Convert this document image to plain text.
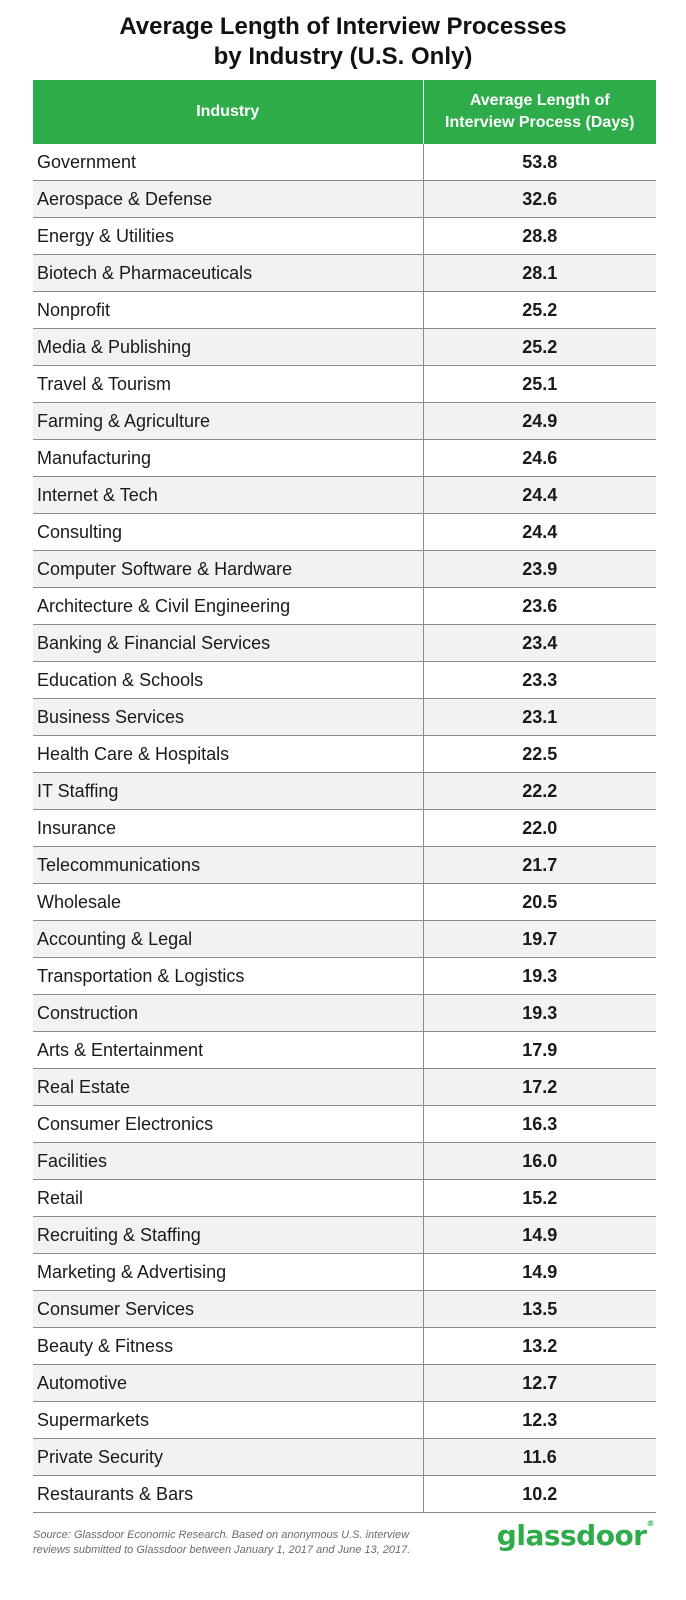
Average Length of Interview Processes
by Industry (U.S. Only)
Industry	Average Length of
Interview Process (Days)

Government	53.8
Aerospace & Defense	32.6
Energy & Utilities	28.8
Biotech & Pharmaceuticals	28.1
Nonprofit	25.2
Media & Publishing	25.2
Travel & Tourism	25.1
Farming & Agriculture	24.9
Manufacturing	24.6
Internet & Tech	24.4
Consulting	24.4
Computer Software & Hardware	23.9
Architecture & Civil Engineering	23.6
Banking & Financial Services	23.4
Education & Schools	23.3
Business Services	23.1
Health Care & Hospitals	22.5
IT Staffing	22.2
Insurance	22.0
Telecommunications	21.7
Wholesale	20.5
Accounting & Legal	19.7
Transportation & Logistics	19.3
Construction	19.3
Arts & Entertainment	17.9
Real Estate	17.2
Consumer Electronics	16.3
Facilities	16.0
Retail	15.2
Recruiting & Staffing	14.9
Marketing & Advertising	14.9
Consumer Services	13.5
Beauty & Fitness	13.2
Automotive	12.7
Supermarkets	12.3
Private Security	11.6
Restaurants & Bars	10.2
Source: Glassdoor Economic Research. Based on anonymous U.S. interview
reviews submitted to Glassdoor between January 1, 2017 and June 13, 2017.	glassdoor®
